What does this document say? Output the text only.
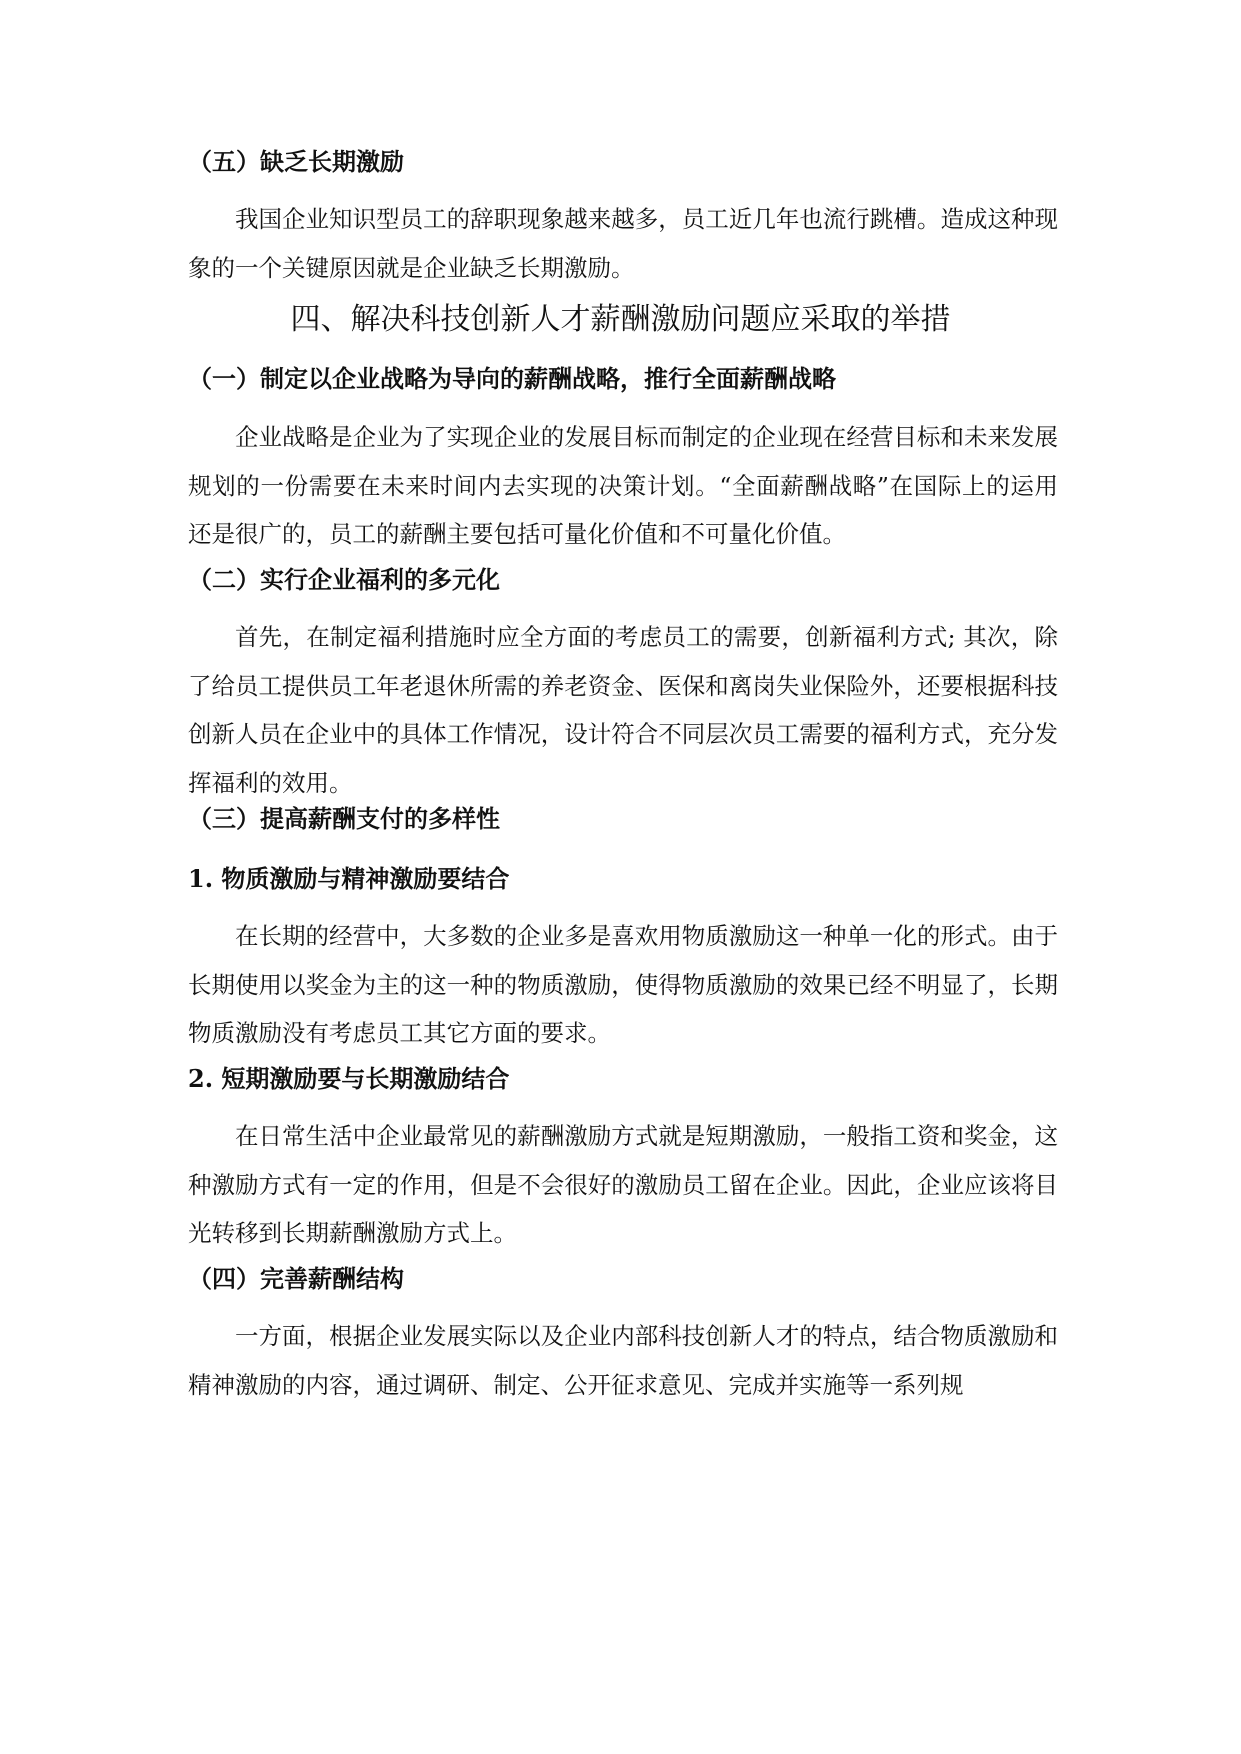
（五）缺乏长期激励

我国企业知识型员工的辞职现象越来越多，员工近几年也流行跳槽。造成这种现象的一个关键原因就是企业缺乏长期激励。

四、解决科技创新人才薪酬激励问题应采取的举措
（一）制定以企业战略为导向的薪酬战略，推行全面薪酬战略

企业战略是企业为了实现企业的发展目标而制定的企业现在经营目标和未来发展规划的一份需要在未来时间内去实现的决策计划。“全面薪酬战略”在国际上的运用还是很广的，员工的薪酬主要包括可量化价值和不可量化价值。

（二）实行企业福利的多元化

首先，在制定福利措施时应全方面的考虑员工的需要，创新福利方式; 其次，除了给员工提供员工年老退休所需的养老资金、医保和离岗失业保险外，还要根据科技创新人员在企业中的具体工作情况，设计符合不同层次员工需要的福利方式，充分发挥福利的效用。

（三）提高薪酬支付的多样性
1. 物质激励与精神激励要结合

在长期的经营中，大多数的企业多是喜欢用物质激励这一种单一化的形式。由于长期使用以奖金为主的这一种的物质激励，使得物质激励的效果已经不明显了，长期物质激励没有考虑员工其它方面的要求。

2. 短期激励要与长期激励结合

在日常生活中企业最常见的薪酬激励方式就是短期激励，一般指工资和奖金，这种激励方式有一定的作用，但是不会很好的激励员工留在企业。因此，企业应该将目光转移到长期薪酬激励方式上。

（四）完善薪酬结构

一方面，根据企业发展实际以及企业内部科技创新人才的特点，结合物质激励和精神激励的内容，通过调研、制定、公开征求意见、完成并实施等一系列规
